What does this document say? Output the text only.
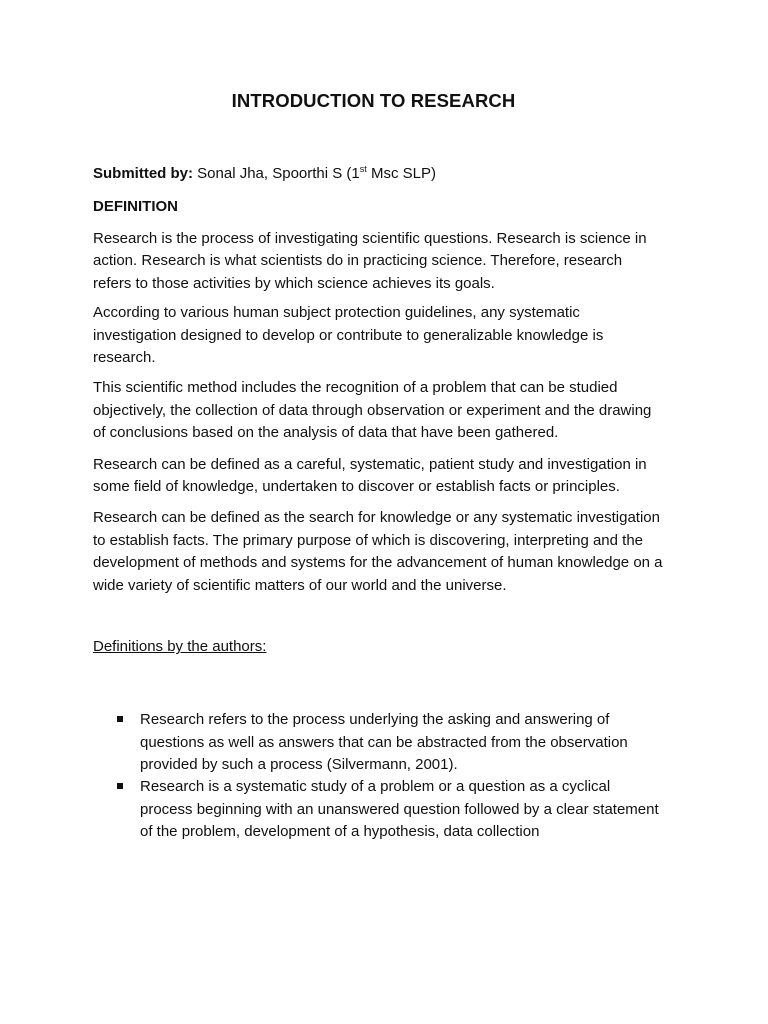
INTRODUCTION TO RESEARCH
Submitted by: Sonal Jha, Spoorthi S (1st Msc SLP)
DEFINITION

Research is the process of investigating scientific questions. Research is science in action. Research is what scientists do in practicing science. Therefore, research refers to those activities by which science achieves its goals.

According to various human subject protection guidelines, any systematic investigation designed to develop or contribute to generalizable knowledge is research.

This scientific method includes the recognition of a problem that can be studied objectively, the collection of data through observation or experiment and the drawing of conclusions based on the analysis of data that have been gathered.

Research can be defined as a careful, systematic, patient study and investigation in some field of knowledge, undertaken to discover or establish facts or principles.

Research can be defined as the search for knowledge or any systematic investigation to establish facts. The primary purpose of which is discovering, interpreting and the development of methods and systems for the advancement of human knowledge on a wide variety of scientific matters of our world and the universe.

Definitions by the authors:
Research refers to the process underlying the asking and answering of questions as well as answers that can be abstracted from the observation provided by such a process (Silvermann, 2001).
Research is a systematic study of a problem or a question as a cyclical process beginning with an unanswered question followed by a clear statement of the problem, development of a hypothesis, data collection
